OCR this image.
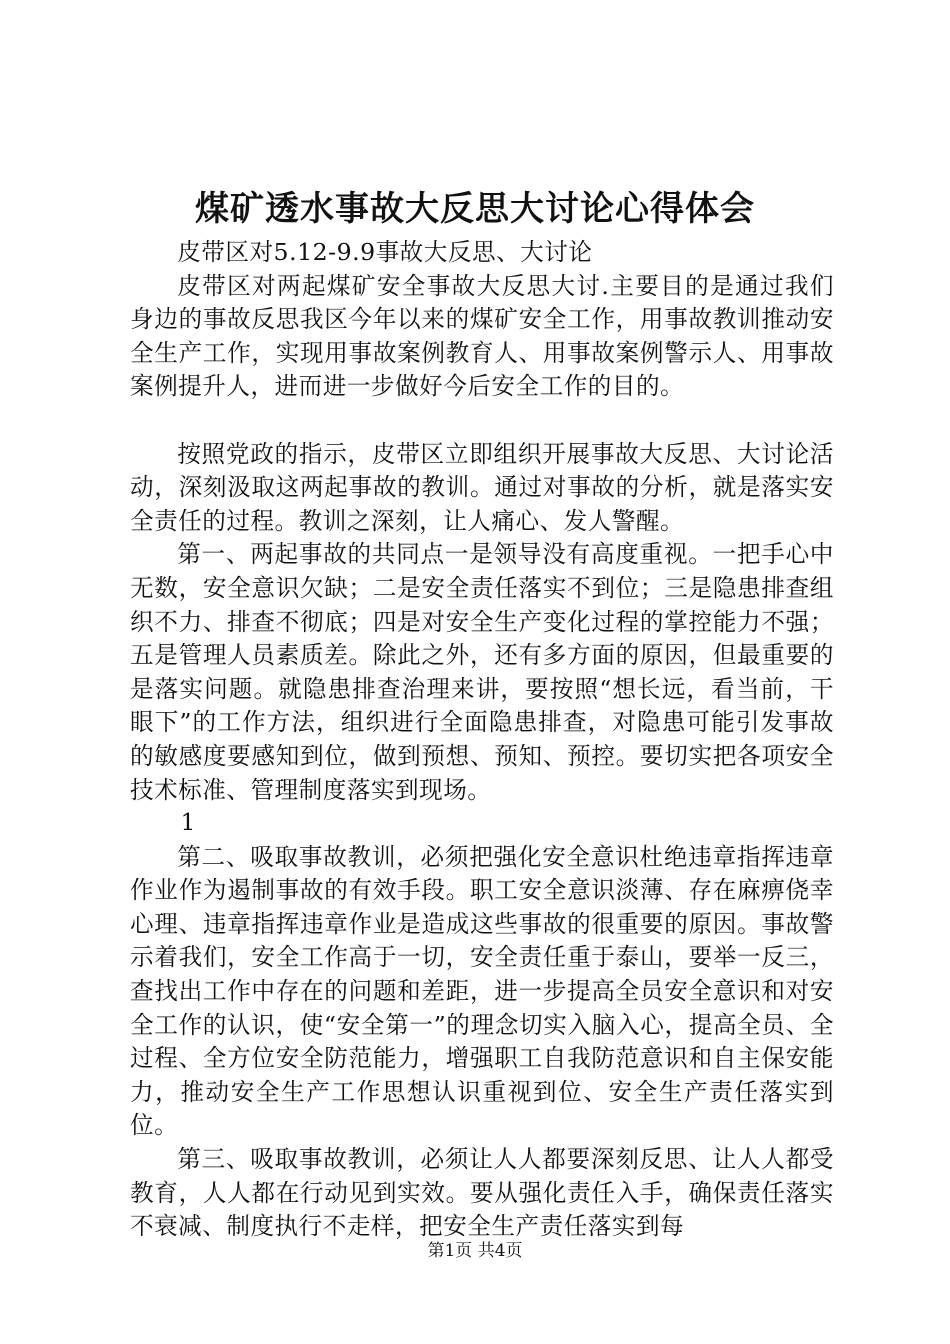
煤矿透水事故大反思大讨论心得体会

皮带区对5.12-9.9事故大反思、大讨论

皮带区对两起煤矿安全事故大反思大讨.主要目的是通过我们身边的事故反思我区今年以来的煤矿安全工作，用事故教训推动安全生产工作，实现用事故案例教育人、用事故案例警示人、用事故案例提升人，进而进一步做好今后安全工作的目的。

按照党政的指示，皮带区立即组织开展事故大反思、大讨论活动，深刻汲取这两起事故的教训。通过对事故的分析，就是落实安全责任的过程。教训之深刻，让人痛心、发人警醒。

第一、两起事故的共同点一是领导没有高度重视。一把手心中无数，安全意识欠缺；二是安全责任落实不到位；三是隐患排查组织不力、排查不彻底；四是对安全生产变化过程的掌控能力不强；五是管理人员素质差。除此之外，还有多方面的原因，但最重要的是落实问题。就隐患排查治理来讲，要按照“想长远，看当前，干眼下”的工作方法，组织进行全面隐患排查，对隐患可能引发事故的敏感度要感知到位，做到预想、预知、预控。要切实把各项安全技术标准、管理制度落实到现场。

1

第二、吸取事故教训，必须把强化安全意识杜绝违章指挥违章作业作为遏制事故的有效手段。职工安全意识淡薄、存在麻痹侥幸心理、违章指挥违章作业是造成这些事故的很重要的原因。事故警示着我们，安全工作高于一切，安全责任重于泰山，要举一反三，查找出工作中存在的问题和差距，进一步提高全员安全意识和对安全工作的认识，使“安全第一”的理念切实入脑入心，提高全员、全过程、全方位安全防范能力，增强职工自我防范意识和自主保安能力，推动安全生产工作思想认识重视到位、安全生产责任落实到位。

第三、吸取事故教训，必须让人人都要深刻反思、让人人都受教育，人人都在行动见到实效。要从强化责任入手，确保责任落实不衰减、制度执行不走样，把安全生产责任落实到每

第1页 共4页
